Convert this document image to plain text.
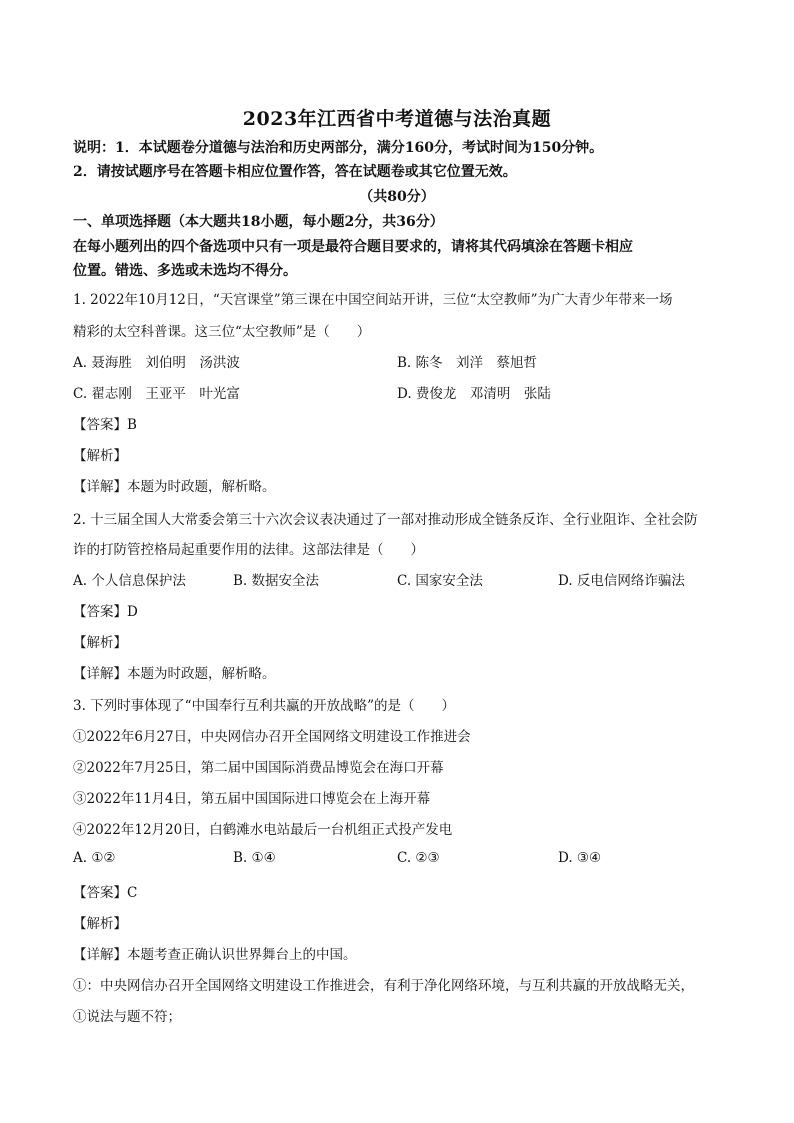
2023年江西省中考道德与法治真题
说明：1．本试题卷分道德与法治和历史两部分，满分160分，考试时间为150分钟。
2．请按试题序号在答题卡相应位置作答，答在试题卷或其它位置无效。
（共80分）
一、单项选择题（本大题共18小题，每小题2分，共36分）
在每小题列出的四个备选项中只有一项是最符合题目要求的，请将其代码填涂在答题卡相应
位置。错选、多选或未选均不得分。
1. 2022年10月12日，“天宫课堂”第三课在中国空间站开讲，三位“太空教师”为广大青少年带来一场
精彩的太空科普课。这三位“太空教师”是（　　）
A. 聂海胜　刘伯明　汤洪波	B. 陈冬　刘洋　蔡旭哲
C. 翟志刚　王亚平　叶光富	D. 费俊龙　邓清明　张陆
【答案】B
【解析】
【详解】本题为时政题，解析略。
2. 十三届全国人大常委会第三十六次会议表决通过了一部对推动形成全链条反诈、全行业阻诈、全社会防
诈的打防管控格局起重要作用的法律。这部法律是（　　）
A. 个人信息保护法	B. 数据安全法	C. 国家安全法	D. 反电信网络诈骗法
【答案】D
【解析】
【详解】本题为时政题，解析略。
3. 下列时事体现了“中国奉行互利共赢的开放战略”的是（　　）
①2022年6月27日，中央网信办召开全国网络文明建设工作推进会
②2022年7月25日，第二届中国国际消费品博览会在海口开幕
③2022年11月4日，第五届中国国际进口博览会在上海开幕
④2022年12月20日，白鹤滩水电站最后一台机组正式投产发电
A. ①②	B. ①④	C. ②③	D. ③④
【答案】C
【解析】
【详解】本题考查正确认识世界舞台上的中国。
①：中央网信办召开全国网络文明建设工作推进会，有利于净化网络环境，与互利共赢的开放战略无关，
①说法与题不符；
